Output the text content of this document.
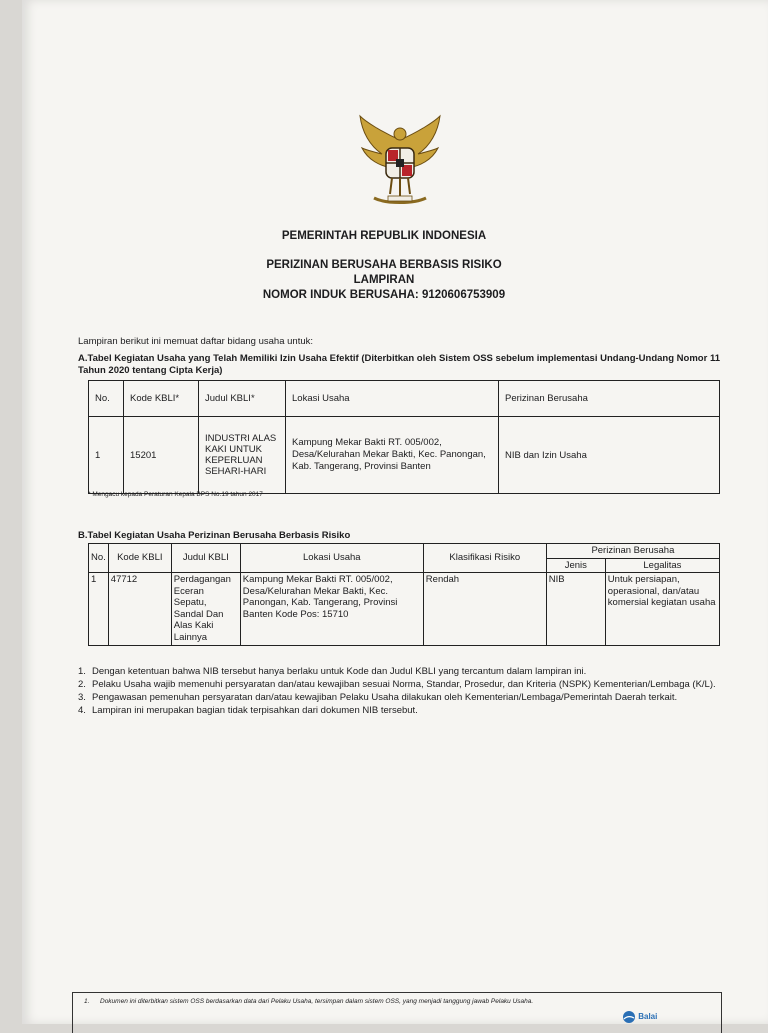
PEMERINTAH REPUBLIK INDONESIA
PERIZINAN BERUSAHA BERBASIS RISIKO
LAMPIRAN
NOMOR INDUK BERUSAHA: 9120606753909
Lampiran berikut ini memuat daftar bidang usaha untuk:
A.Tabel Kegiatan Usaha yang Telah Memiliki Izin Usaha Efektif (Diterbitkan oleh Sistem OSS sebelum implementasi Undang-Undang Nomor 11 Tahun 2020 tentang Cipta Kerja)
No.	Kode KBLI*	Judul KBLI*	Lokasi Usaha	Perizinan Berusaha
1	15201	INDUSTRI ALAS KAKI UNTUK KEPERLUAN SEHARI-HARI	Kampung Mekar Bakti RT. 005/002, Desa/Kelurahan Mekar Bakti, Kec. Panongan, Kab. Tangerang, Provinsi Banten	NIB dan Izin Usaha
* Mengacu kepada Peraturan Kepala BPS No.19 tahun 2017
B.Tabel Kegiatan Usaha Perizinan Berusaha Berbasis Risiko
No.	Kode KBLI	Judul KBLI	Lokasi Usaha	Klasifikasi Risiko	Perizinan Berusaha	
					Jenis	Legalitas
1	47712	Perdagangan Eceran Sepatu, Sandal Dan Alas Kaki Lainnya	Kampung Mekar Bakti RT. 005/002, Desa/Kelurahan Mekar Bakti, Kec. Panongan, Kab. Tangerang, Provinsi Banten Kode Pos: 15710	Rendah	NIB	Untuk persiapan, operasional, dan/atau komersial kegiatan usaha
1. Dengan ketentuan bahwa NIB tersebut hanya berlaku untuk Kode dan Judul KBLI yang tercantum dalam lampiran ini.
2. Pelaku Usaha wajib memenuhi persyaratan dan/atau kewajiban sesuai Norma, Standar, Prosedur, dan Kriteria (NSPK) Kementerian/Lembaga (K/L).
3. Pengawasan pemenuhan persyaratan dan/atau kewajiban Pelaku Usaha dilakukan oleh Kementerian/Lembaga/Pemerintah Daerah terkait.
4. Lampiran ini merupakan bagian tidak terpisahkan dari dokumen NIB tersebut.
1. Dokumen ini diterbitkan sistem OSS berdasarkan data dari Pelaku Usaha, tersimpan dalam sistem OSS, yang menjadi tanggung jawab Pelaku Usaha.
Balai
